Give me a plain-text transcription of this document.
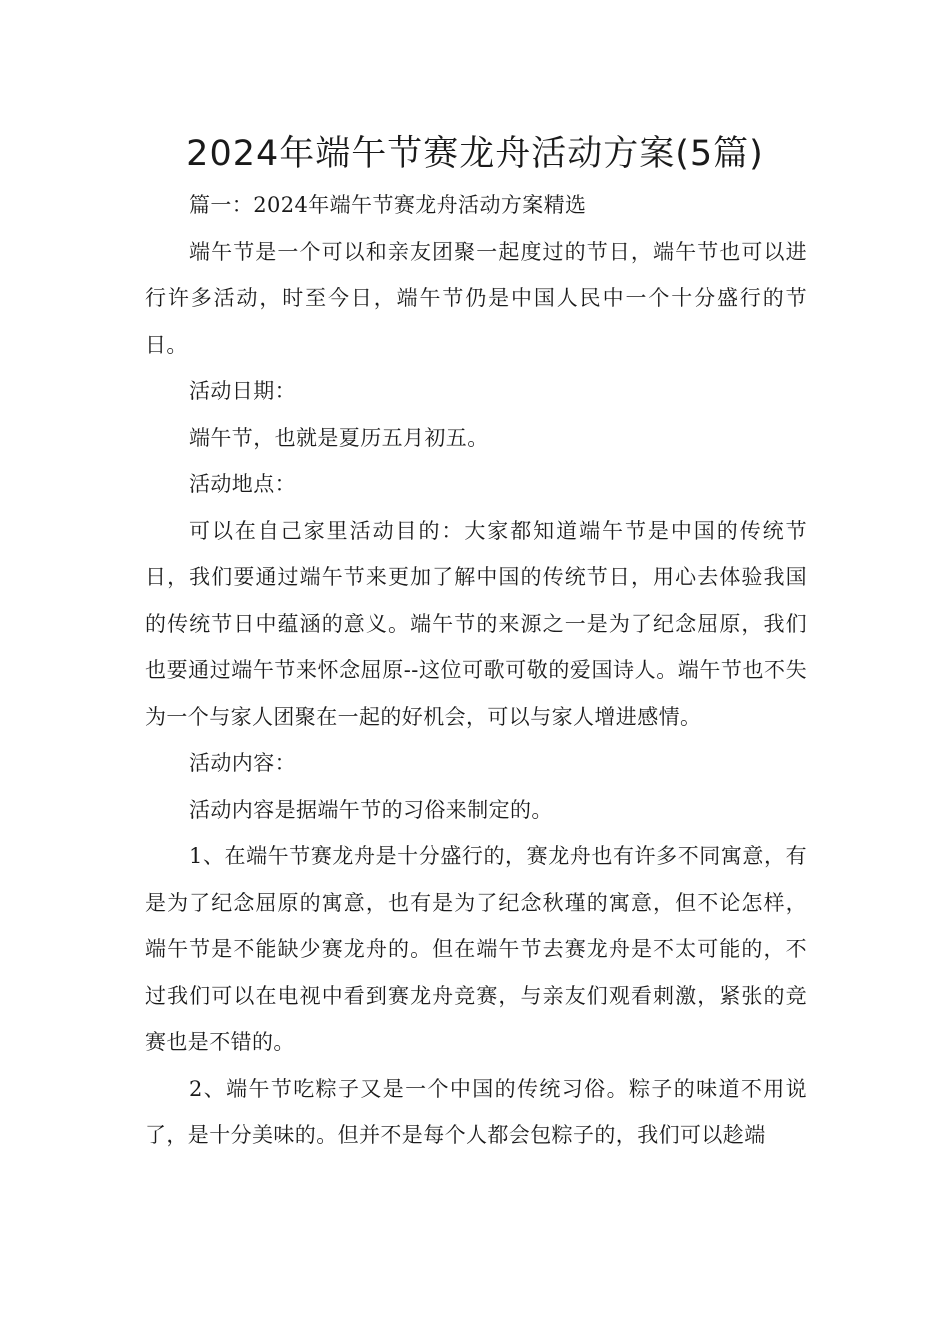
2024年端午节赛龙舟活动方案(5篇)

篇一：2024年端午节赛龙舟活动方案精选

端午节是一个可以和亲友团聚一起度过的节日，端午节也可以进行许多活动，时至今日，端午节仍是中国人民中一个十分盛行的节日。

活动日期：

端午节，也就是夏历五月初五。

活动地点：

可以在自己家里活动目的：大家都知道端午节是中国的传统节日，我们要通过端午节来更加了解中国的传统节日，用心去体验我国的传统节日中蕴涵的意义。端午节的来源之一是为了纪念屈原，我们也要通过端午节来怀念屈原--这位可歌可敬的爱国诗人。端午节也不失为一个与家人团聚在一起的好机会，可以与家人增进感情。

活动内容：

活动内容是据端午节的习俗来制定的。

1、在端午节赛龙舟是十分盛行的，赛龙舟也有许多不同寓意，有是为了纪念屈原的寓意，也有是为了纪念秋瑾的寓意，但不论怎样，端午节是不能缺少赛龙舟的。但在端午节去赛龙舟是不太可能的，不过我们可以在电视中看到赛龙舟竞赛，与亲友们观看刺激，紧张的竞赛也是不错的。

2、端午节吃粽子又是一个中国的传统习俗。粽子的味道不用说了，是十分美味的。但并不是每个人都会包粽子的，我们可以趁端
